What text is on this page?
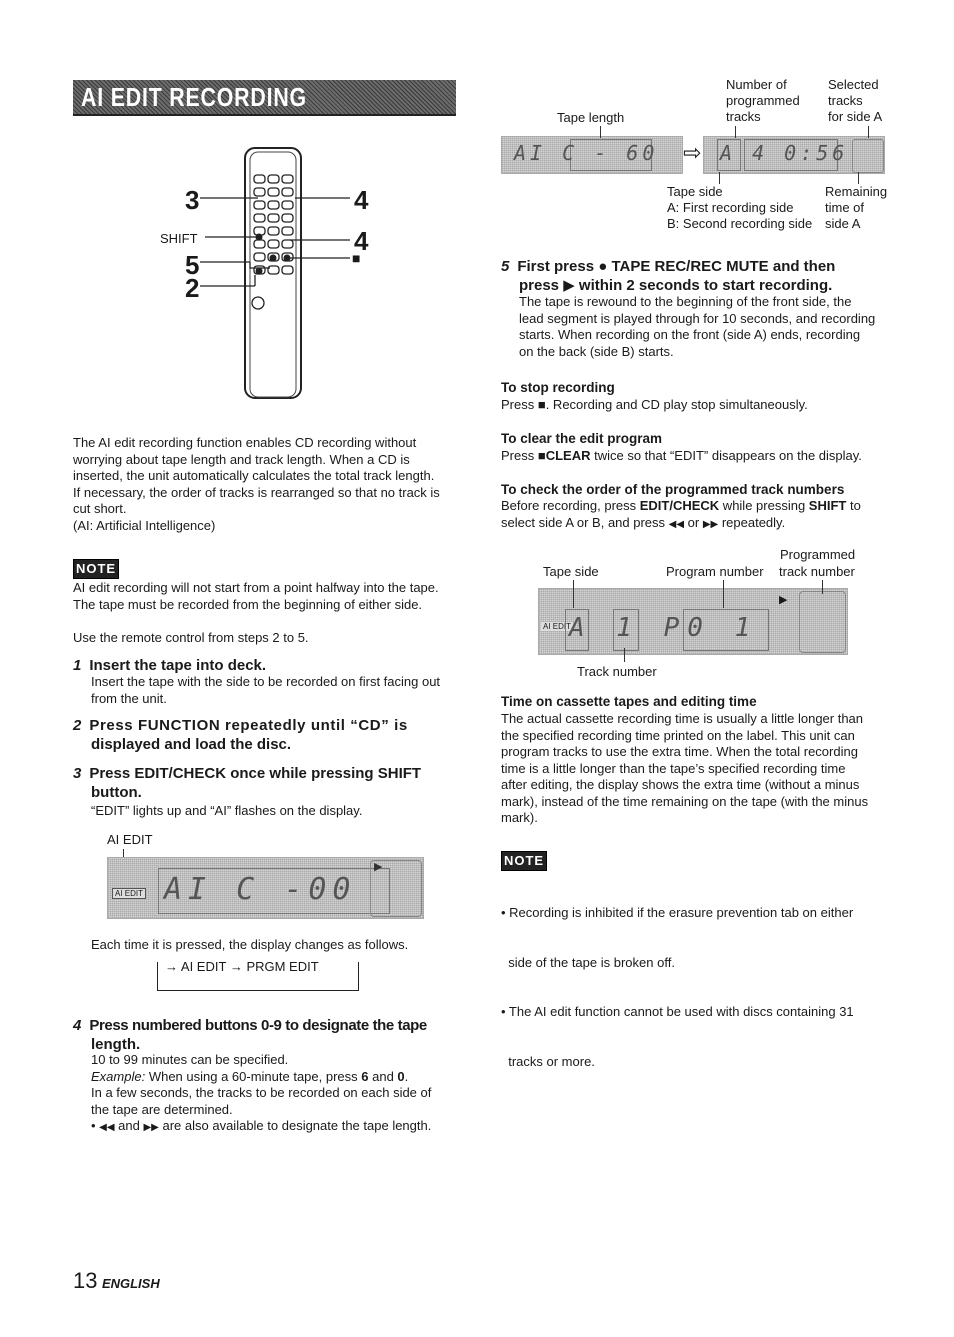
AI EDIT RECORDING
3	4
SHIFT	4
5	■
2
The AI edit recording function enables CD recording without
worrying about tape length and track length. When a CD is
inserted, the unit automatically calculates the total track length.
If necessary, the order of tracks is rearranged so that no track is
cut short.
(AI: Artificial Intelligence)
NOTE
AI edit recording will not start from a point halfway into the tape.
The tape must be recorded from the beginning of either side.
Use the remote control from steps 2 to 5.
1 Insert the tape into deck.
Insert the tape with the side to be recorded on first facing out
from the unit.
2 Press FUNCTION repeatedly until “CD” is
displayed and load the disc.
3 Press EDIT/CHECK once while pressing SHIFT
button.
“EDIT” lights up and “AI” flashes on the display.
AI EDIT
AI EDIT AI C -00
▶
Each time it is pressed, the display changes as follows.
→ AI EDIT → PRGM EDIT
4 Press numbered buttons 0-9 to designate the tape
length.
10 to 99 minutes can be specified.
Example: When using a 60-minute tape, press 6 and 0.
In a few seconds, the tracks to be recorded on each side of
the tape are determined.
• ◀◀ and ▶▶ are also available to designate the tape length.
Tape length
Number of
programmed
tracks
Selected
tracks
for side A
AI C - 60 ⇨ A 4 0:56
Tape side
A: First recording side
B: Second recording side
Remaining
time of
side A
5 First press ● TAPE REC/REC MUTE and then
press ▶ within 2 seconds to start recording.
The tape is rewound to the beginning of the front side, the
lead segment is played through for 10 seconds, and recording
starts. When recording on the front (side A) ends, recording
on the back (side B) starts.
To stop recording
Press ■. Recording and CD play stop simultaneously.
To clear the edit program
Press ■CLEAR twice so that “EDIT” disappears on the display.
To check the order of the programmed track numbers
Before recording, press EDIT/CHECK while pressing SHIFT to
select side A or B, and press ◀◀ or ▶▶ repeatedly.
Programmed
Tape side	Program number track number
AI EDIT
A 1 P0 1
▶
Track number
Time on cassette tapes and editing time
The actual cassette recording time is usually a little longer than
the specified recording time printed on the label. This unit can
program tracks to use the extra time. When the total recording
time is a little longer than the tape’s specified recording time
after editing, the display shows the extra time (without a minus
mark), instead of the time remaining on the tape (with the minus
mark).
NOTE

• Recording is inhibited if the erasure prevention tab on either

side of the tape is broken off.

• The AI edit function cannot be used with discs containing 31

tracks or more.

13 ENGLISH
